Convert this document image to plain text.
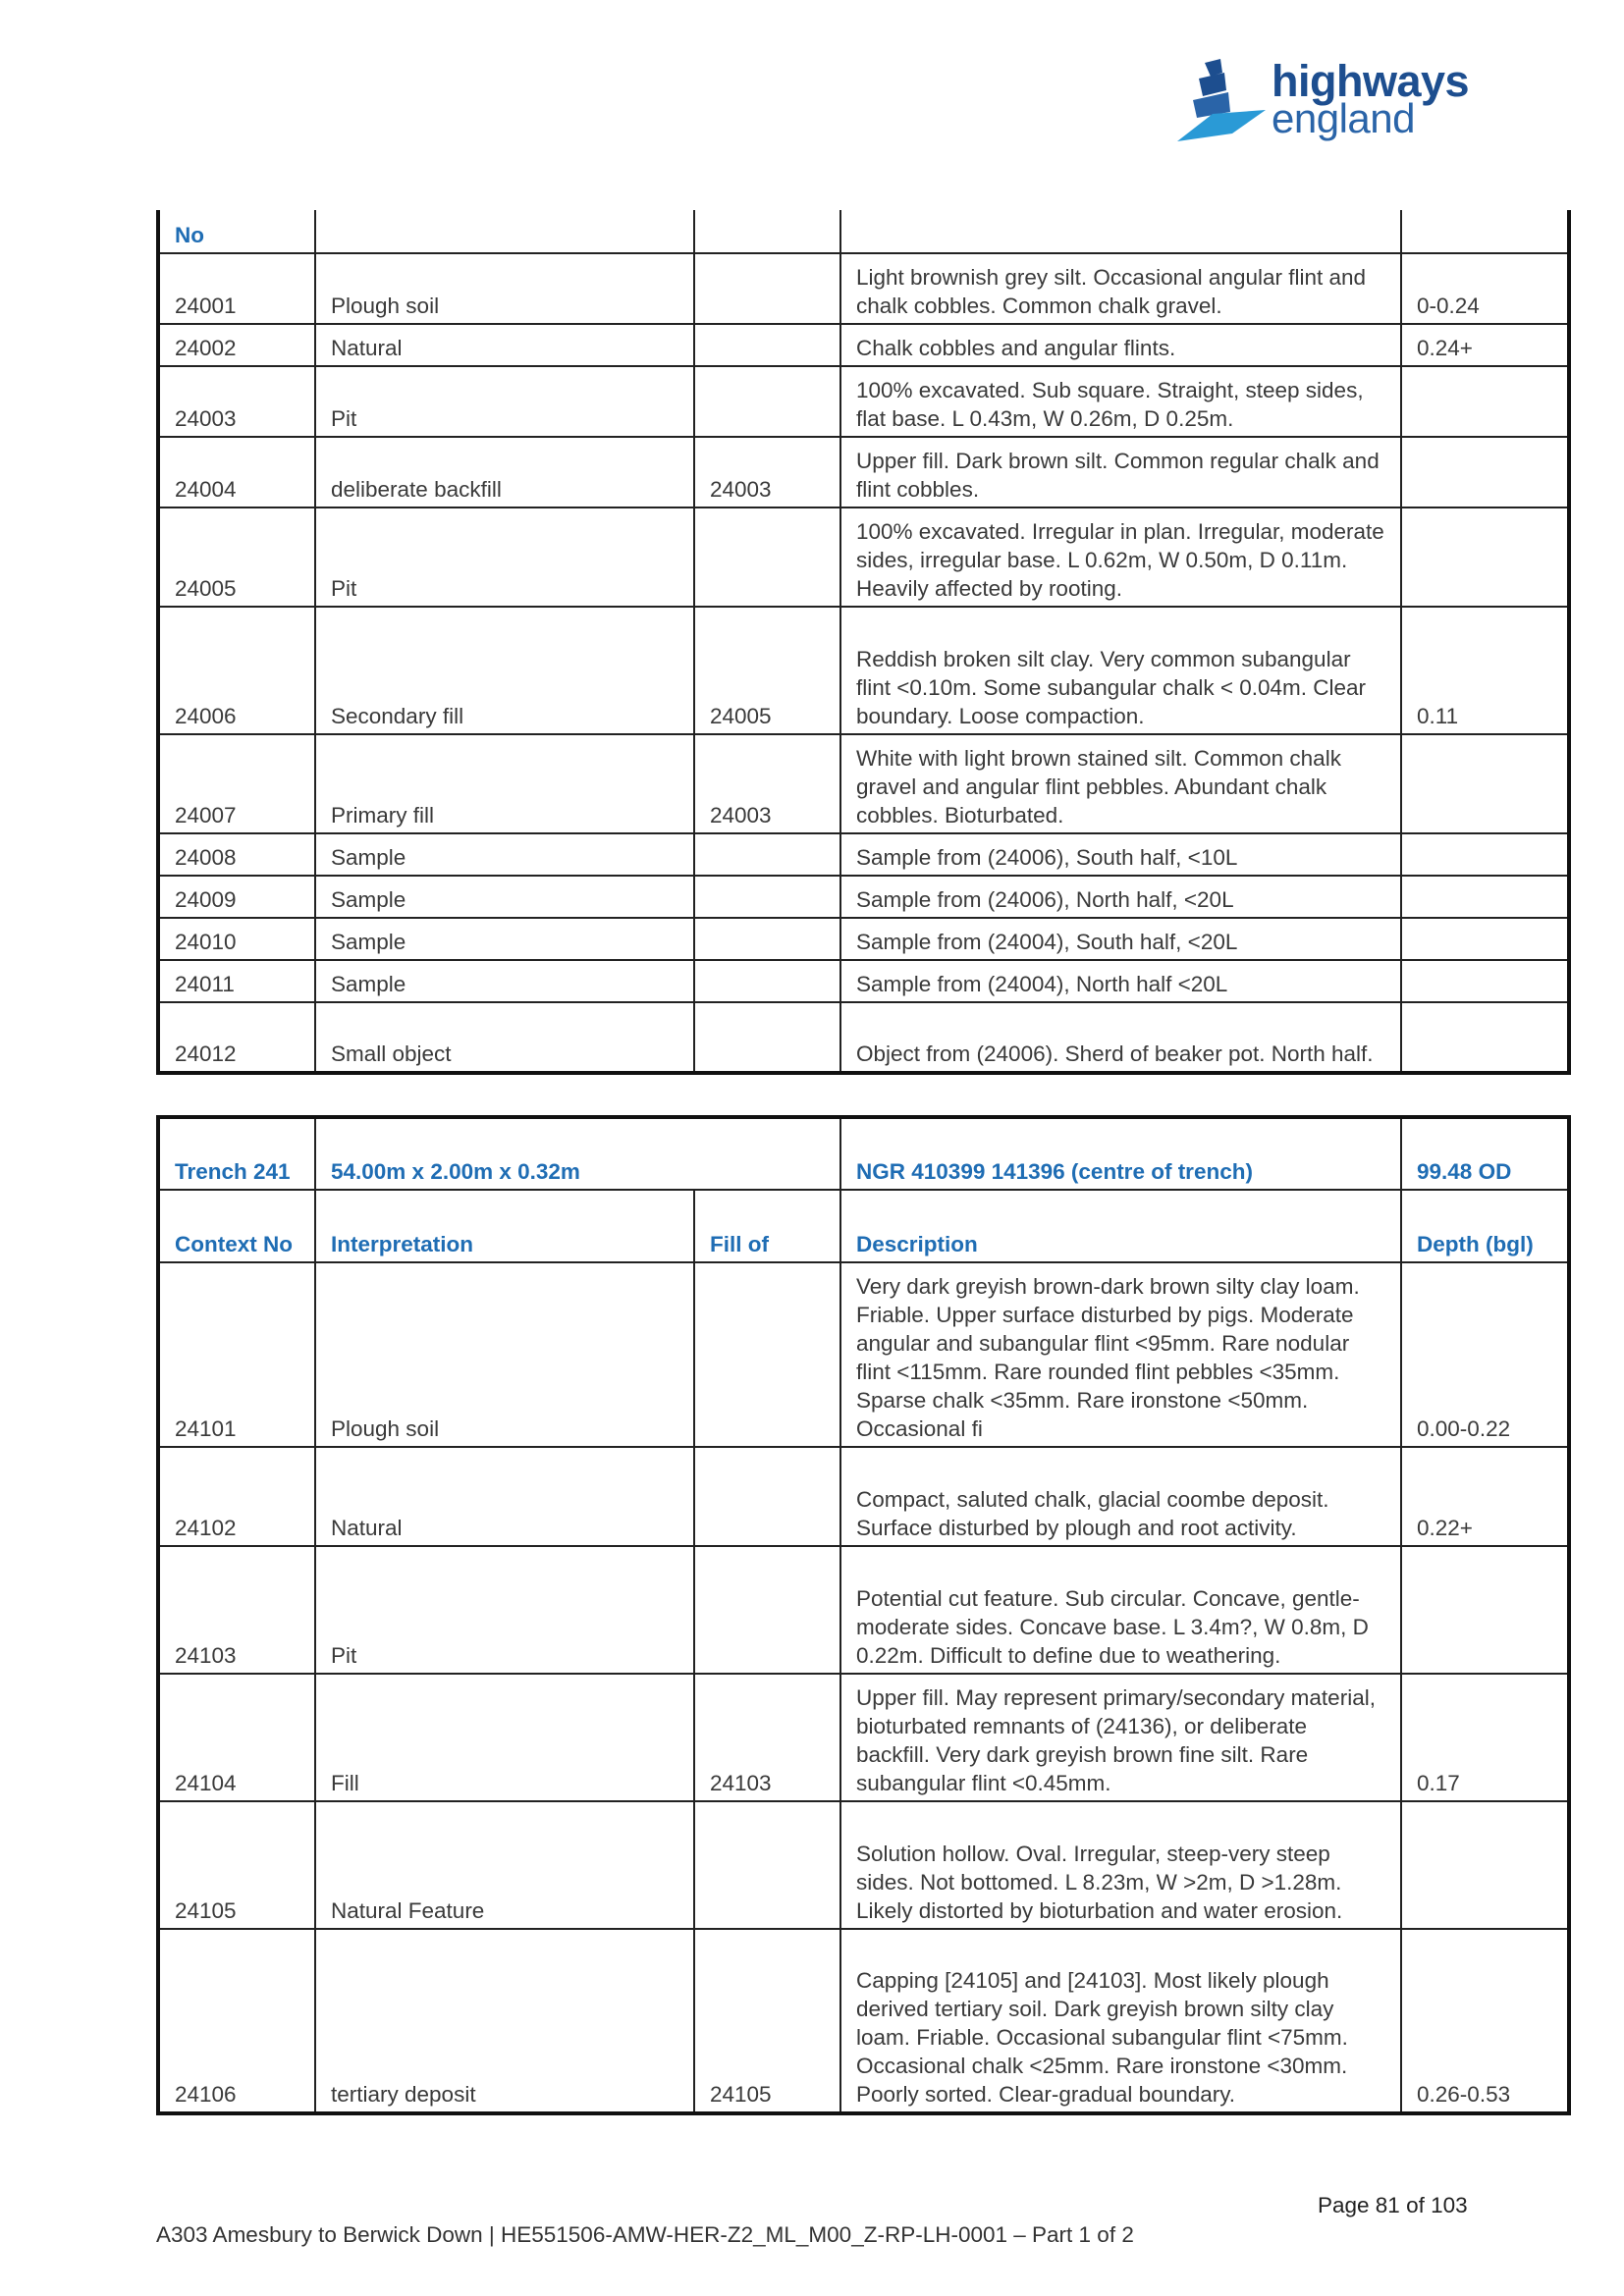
highways
england
No				
24001	Plough soil		Light brownish grey silt. Occasional angular flint and chalk cobbles. Common chalk gravel.	0-0.24
24002	Natural		Chalk cobbles and angular flints.	0.24+
24003	Pit		100% excavated. Sub square. Straight, steep sides, flat base. L 0.43m, W 0.26m, D 0.25m.	
24004	deliberate backfill	24003	Upper fill. Dark brown silt. Common regular chalk and flint cobbles.	
24005	Pit		100% excavated. Irregular in plan. Irregular, moderate sides, irregular base. L 0.62m, W 0.50m, D 0.11m. Heavily affected by rooting.	
24006	Secondary fill	24005	Reddish broken silt clay. Very common subangular flint <0.10m. Some subangular chalk < 0.04m. Clear boundary. Loose compaction.	0.11
24007	Primary fill	24003	White with light brown stained silt. Common chalk gravel and angular flint pebbles. Abundant chalk cobbles. Bioturbated.	
24008	Sample		Sample from (24006), South half, <10L	
24009	Sample		Sample from (24006), North half, <20L	
24010	Sample		Sample from (24004), South half, <20L	
24011	Sample		Sample from (24004), North half <20L	
24012	Small object		Object from (24006). Sherd of beaker pot. North half.	
Trench 241	54.00m x 2.00m x 0.32m		NGR 410399 141396 (centre of trench)	99.48 OD
Context No	Interpretation	Fill of	Description	Depth (bgl)
24101	Plough soil		Very dark greyish brown-dark brown silty clay loam. Friable. Upper surface disturbed by pigs. Moderate angular and subangular flint <95mm. Rare nodular flint <115mm. Rare rounded flint pebbles <35mm. Sparse chalk <35mm. Rare ironstone <50mm. Occasional fi	0.00-0.22
24102	Natural		Compact, saluted chalk, glacial coombe deposit. Surface disturbed by plough and root activity.	0.22+
24103	Pit		Potential cut feature. Sub circular. Concave, gentle-moderate sides. Concave base. L 3.4m?, W 0.8m, D 0.22m. Difficult to define due to weathering.	
24104	Fill	24103	Upper fill. May represent primary/secondary material, bioturbated remnants of (24136), or deliberate backfill. Very dark greyish brown fine silt. Rare subangular flint <0.45mm.	0.17
24105	Natural Feature		Solution hollow. Oval. Irregular, steep-very steep sides. Not bottomed. L 8.23m, W >2m, D >1.28m. Likely distorted by bioturbation and water erosion.	
24106	tertiary deposit	24105	Capping [24105] and [24103]. Most likely plough derived tertiary soil. Dark greyish brown silty clay loam. Friable. Occasional subangular flint <75mm. Occasional chalk <25mm. Rare ironstone <30mm. Poorly sorted. Clear-gradual boundary.	0.26-0.53
Page 81 of 103
A303 Amesbury to Berwick Down | HE551506-AMW-HER-Z2_ML_M00_Z-RP-LH-0001 – Part 1 of 2
